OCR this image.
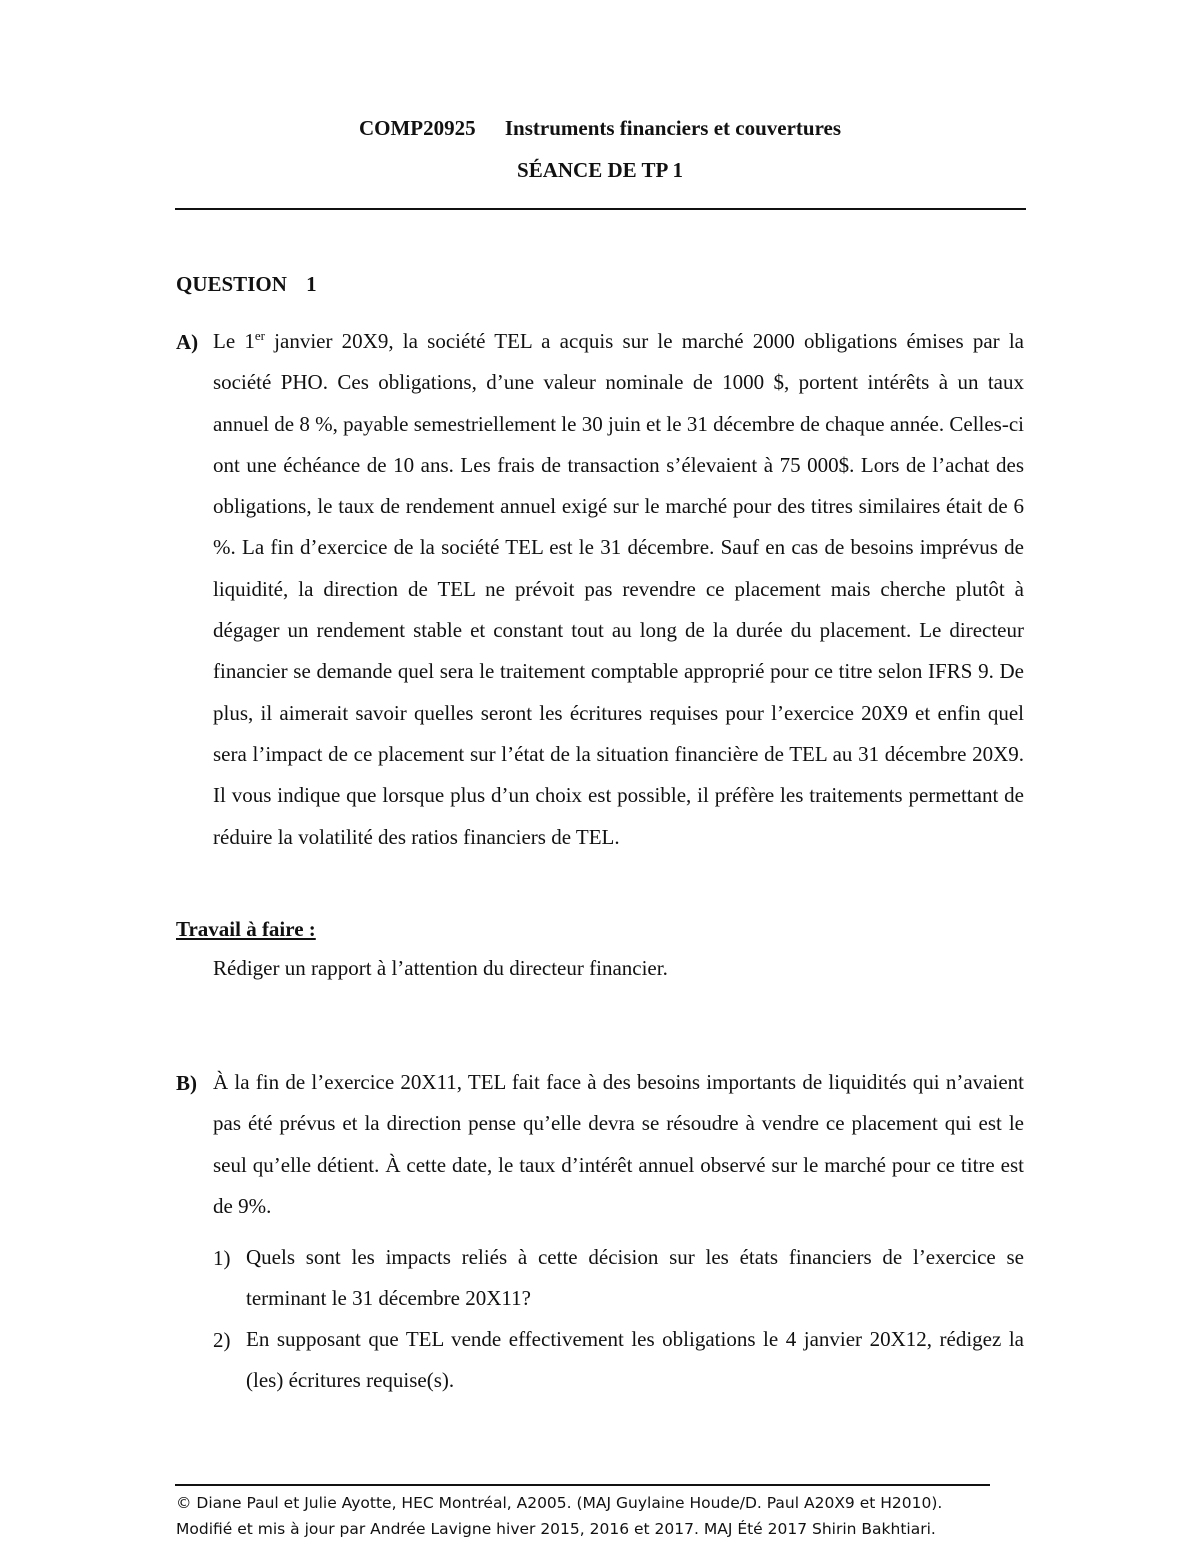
COMP20925 Instruments financiers et couvertures
SÉANCE DE TP 1
QUESTION 1
A) Le 1er janvier 20X9, la société TEL a acquis sur le marché 2000 obligations émises par la société PHO. Ces obligations, d’une valeur nominale de 1000 $, portent intérêts à un taux annuel de 8 %, payable semestriellement le 30 juin et le 31 décembre de chaque année. Celles-ci ont une échéance de 10 ans. Les frais de transaction s’élevaient à 75 000$. Lors de l’achat des obligations, le taux de rendement annuel exigé sur le marché pour des titres similaires était de 6 %. La fin d’exercice de la société TEL est le 31 décembre. Sauf en cas de besoins imprévus de liquidité, la direction de TEL ne prévoit pas revendre ce placement mais cherche plutôt à dégager un rendement stable et constant tout au long de la durée du placement. Le directeur financier se demande quel sera le traitement comptable approprié pour ce titre selon IFRS 9. De plus, il aimerait savoir quelles seront les écritures requises pour l’exercice 20X9 et enfin quel sera l’impact de ce placement sur l’état de la situation financière de TEL au 31 décembre 20X9. Il vous indique que lorsque plus d’un choix est possible, il préfère les traitements permettant de réduire la volatilité des ratios financiers de TEL.
Travail à faire :
Rédiger un rapport à l’attention du directeur financier.
B) À la fin de l’exercice 20X11, TEL fait face à des besoins importants de liquidités qui n’avaient pas été prévus et la direction pense qu’elle devra se résoudre à vendre ce placement qui est le seul qu’elle détient. À cette date, le taux d’intérêt annuel observé sur le marché pour ce titre est de 9%.
1) Quels sont les impacts reliés à cette décision sur les états financiers de l’exercice se terminant le 31 décembre 20X11?
2) En supposant que TEL vende effectivement les obligations le 4 janvier 20X12, rédigez la (les) écritures requise(s).
© Diane Paul et Julie Ayotte, HEC Montréal, A2005. (MAJ Guylaine Houde/D. Paul A20X9 et H2010).
Modifié et mis à jour par Andrée Lavigne hiver 2015, 2016 et 2017. MAJ Été 2017 Shirin Bakhtiari.
